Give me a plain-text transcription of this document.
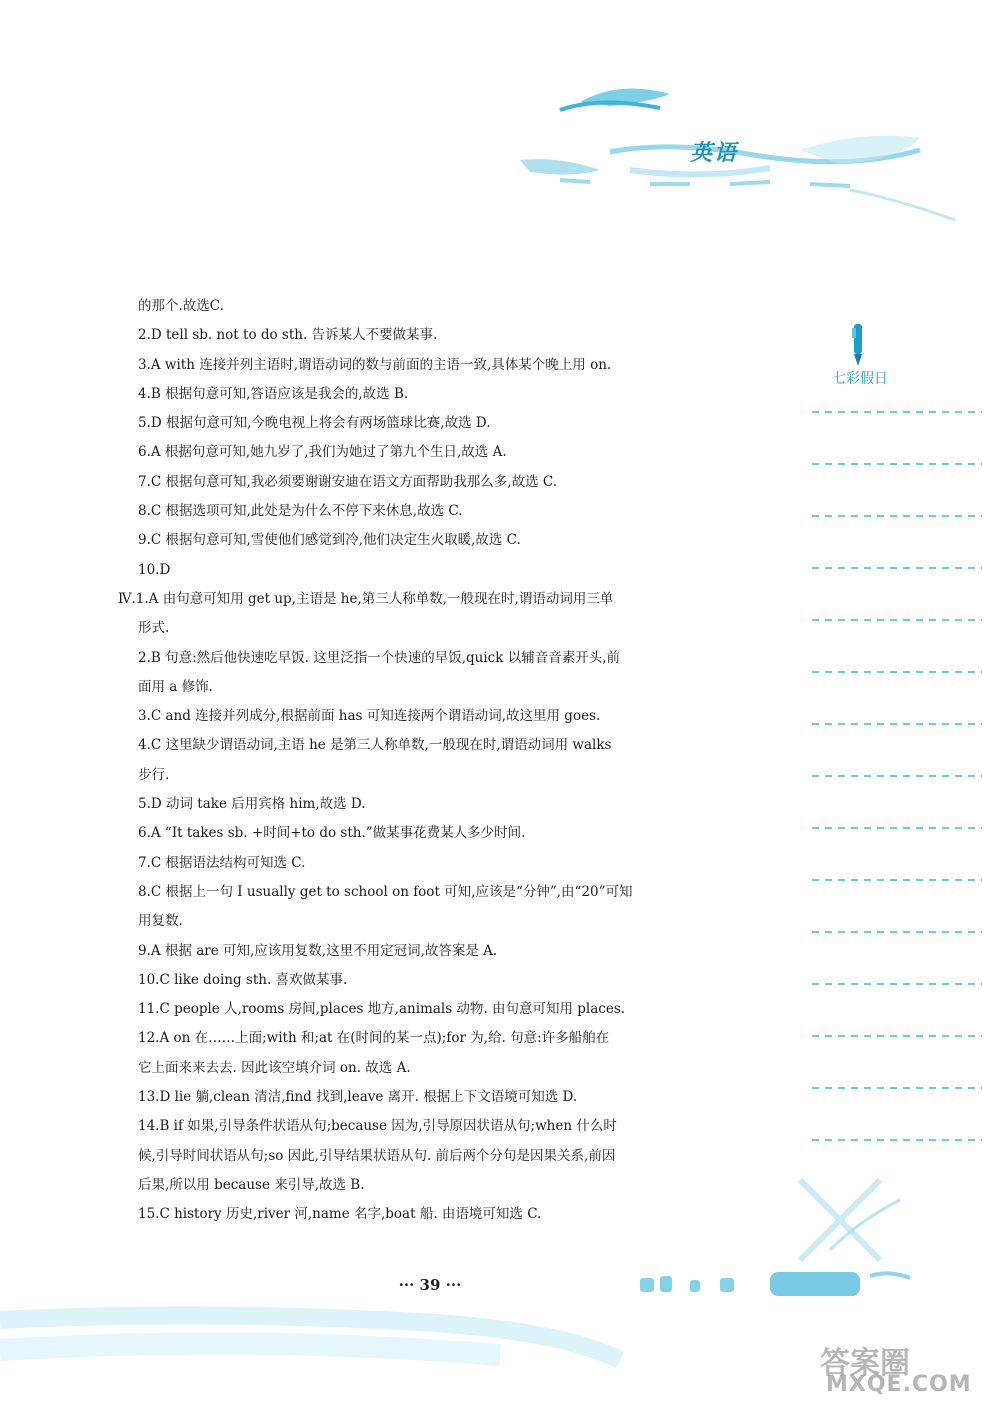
英语
七彩假日
的那个.故选C.
2.D tell sb. not to do sth. 告诉某人不要做某事.
3.A with 连接并列主语时,谓语动词的数与前面的主语一致,具体某个晚上用 on.
4.B 根据句意可知,答语应该是我会的,故选 B.
5.D 根据句意可知,今晚电视上将会有两场篮球比赛,故选 D.
6.A 根据句意可知,她九岁了,我们为她过了第九个生日,故选 A.
7.C 根据句意可知,我必须要谢谢安迪在语文方面帮助我那么多,故选 C.
8.C 根据选项可知,此处是为什么不停下来休息,故选 C.
9.C 根据句意可知,雪使他们感觉到冷,他们决定生火取暖,故选 C.
10.D
Ⅳ.1.A 由句意可知用 get up,主语是 he,第三人称单数,一般现在时,谓语动词用三单
形式.
2.B 句意:然后他快速吃早饭. 这里泛指一个快速的早饭,quick 以辅音音素开头,前
面用 a 修饰.
3.C and 连接并列成分,根据前面 has 可知连接两个谓语动词,故这里用 goes.
4.C 这里缺少谓语动词,主语 he 是第三人称单数,一般现在时,谓语动词用 walks
步行.
5.D 动词 take 后用宾格 him,故选 D.
6.A “It takes sb. +时间+to do sth.”做某事花费某人多少时间.
7.C 根据语法结构可知选 C.
8.C 根据上一句 I usually get to school on foot 可知,应该是“分钟”,由“20”可知
用复数.
9.A 根据 are 可知,应该用复数,这里不用定冠词,故答案是 A.
10.C like doing sth. 喜欢做某事.
11.C people 人,rooms 房间,places 地方,animals 动物. 由句意可知用 places.
12.A on 在……上面;with 和;at 在(时间的某一点);for 为,给. 句意:许多船舶在
它上面来来去去. 因此该空填介词 on. 故选 A.
13.D lie 躺,clean 清洁,find 找到,leave 离开. 根据上下文语境可知选 D.
14.B if 如果,引导条件状语从句;because 因为,引导原因状语从句;when 什么时
候,引导时间状语从句;so 因此,引导结果状语从句. 前后两个分句是因果关系,前因
后果,所以用 because 来引导,故选 B.
15.C history 历史,river 河,name 名字,boat 船. 由语境可知选 C.
··· 39 ···
答案圈
MXQE.COM
